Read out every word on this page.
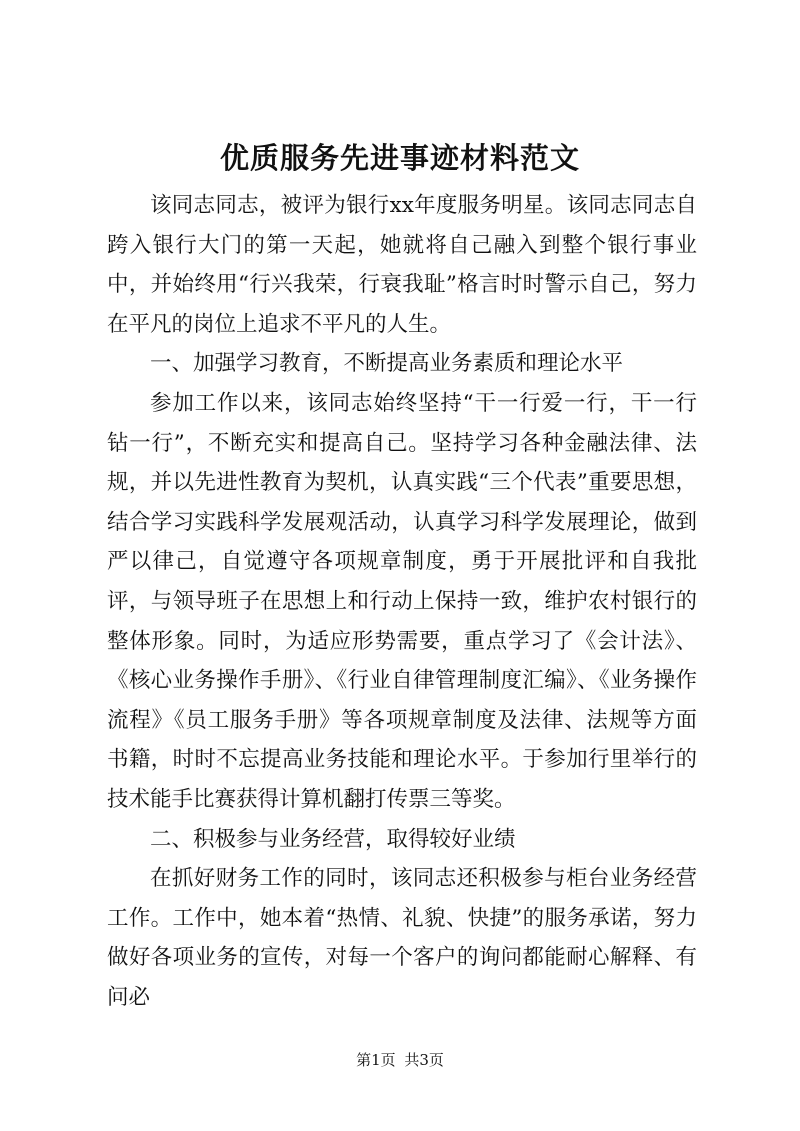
优质服务先进事迹材料范文

该同志同志，被评为银行xx年度服务明星。该同志同志自跨入银行大门的第一天起，她就将自己融入到整个银行事业中，并始终用“行兴我荣，行衰我耻”格言时时警示自己，努力在平凡的岗位上追求不平凡的人生。

一、加强学习教育，不断提高业务素质和理论水平

参加工作以来，该同志始终坚持“干一行爱一行，干一行钻一行”，不断充实和提高自己。坚持学习各种金融法律、法规，并以先进性教育为契机，认真实践“三个代表”重要思想，结合学习实践科学发展观活动，认真学习科学发展理论，做到严以律己，自觉遵守各项规章制度，勇于开展批评和自我批评，与领导班子在思想上和行动上保持一致，维护农村银行的整体形象。同时，为适应形势需要，重点学习了《会计法》、《核心业务操作手册》、《行业自律管理制度汇编》、《业务操作流程》《员工服务手册》等各项规章制度及法律、法规等方面书籍，时时不忘提高业务技能和理论水平。于参加行里举行的技术能手比赛获得计算机翻打传票三等奖。

二、积极参与业务经营，取得较好业绩

在抓好财务工作的同时，该同志还积极参与柜台业务经营工作。工作中，她本着“热情、礼貌、快捷”的服务承诺，努力做好各项业务的宣传，对每一个客户的询问都能耐心解释、有问必

第1页 共3页
